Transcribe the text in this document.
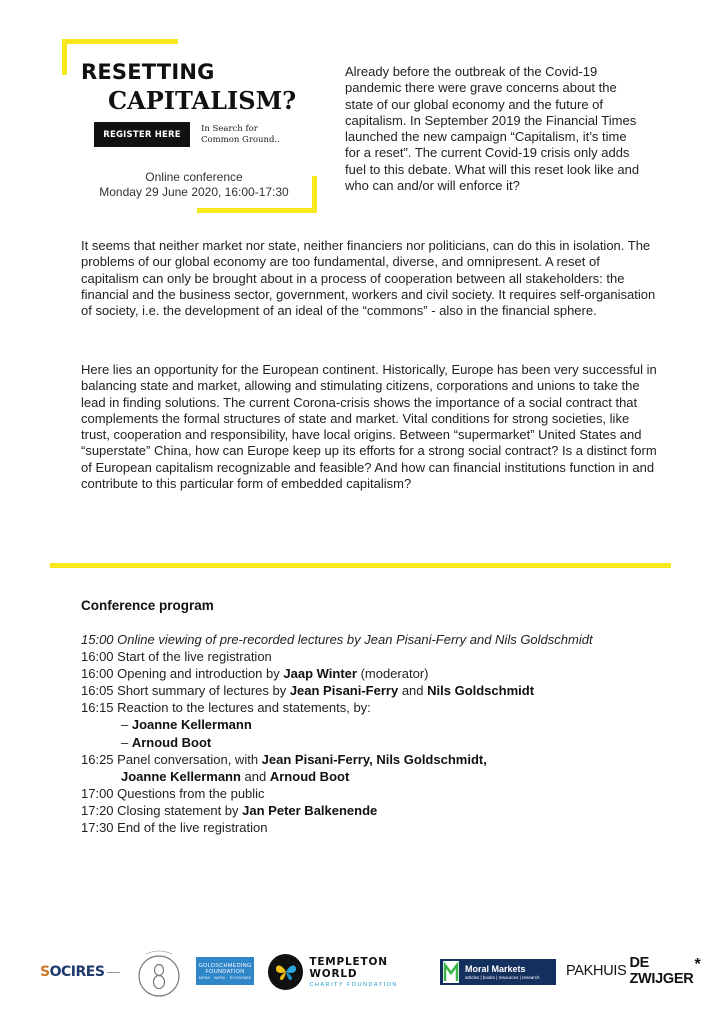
RESETTING
CAPITALISM?
REGISTER HERE
In Search for
Common Ground..
Online conference
Monday 29 June 2020, 16:00-17:30
Already before the outbreak of the Covid-19 pandemic there were grave concerns about the state of our global economy and the future of capitalism. In September 2019 the Financial Times launched the new campaign “Capitalism, it’s time for a reset”. The current Covid-19 crisis only adds fuel to this debate. What will this reset look like and who can and/or will enforce it?
It seems that neither market nor state, neither financiers nor politicians, can do this in isolation. The problems of our global economy are too fundamental, diverse, and omnipresent. A reset of capitalism can only be brought about in a process of cooperation between all stakeholders: the financial and the business sector, government, workers and civil society. It requires self-organisation of society, i.e. the development of an ideal of the “commons” - also in the financial sphere.
Here lies an opportunity for the European continent. Historically, Europe has been very successful in balancing state and market, allowing and stimulating citizens, corporations and unions to take the lead in finding solutions. The current Corona-crisis shows the importance of a social contract that complements the formal structures of state and market. Vital conditions for strong societies, like trust, cooperation and responsibility, have local origins. Between “supermarket” United States and “superstate” China, how can Europe keep up its efforts for a strong social contract? Is a distinct form of European capitalism recognizable and feasible? And how can financial institutions function in and contribute to this particular form of embedded capitalism?
Conference program
15:00 Online viewing of pre-recorded lectures by Jean Pisani-Ferry and Nils Goldschmidt
16:00 Start of the live registration
16:00 Opening and introduction by Jaap Winter (moderator)
16:05 Short summary of lectures by Jean Pisani-Ferry and Nils Goldschmidt
16:15 Reaction to the lectures and statements, by:
– Joanne Kellermann
– Arnoud Boot
16:25 Panel conversation, with Jean Pisani-Ferry, Nils Goldschmidt,
Joanne Kellermann and Arnoud Boot
17:00 Questions from the public
17:20 Closing statement by Jan Peter Balkenende
17:30 End of the live registration
S OCIRES	GOLDSCHMEDING
FOUNDATION
MENS · WERK · ECONOMIE
TEMPLETON WORLD
CHARITY FOUNDATION
Moral Markets
articles | books | resources | research PAKHUIS DE ZWIJGER
*
